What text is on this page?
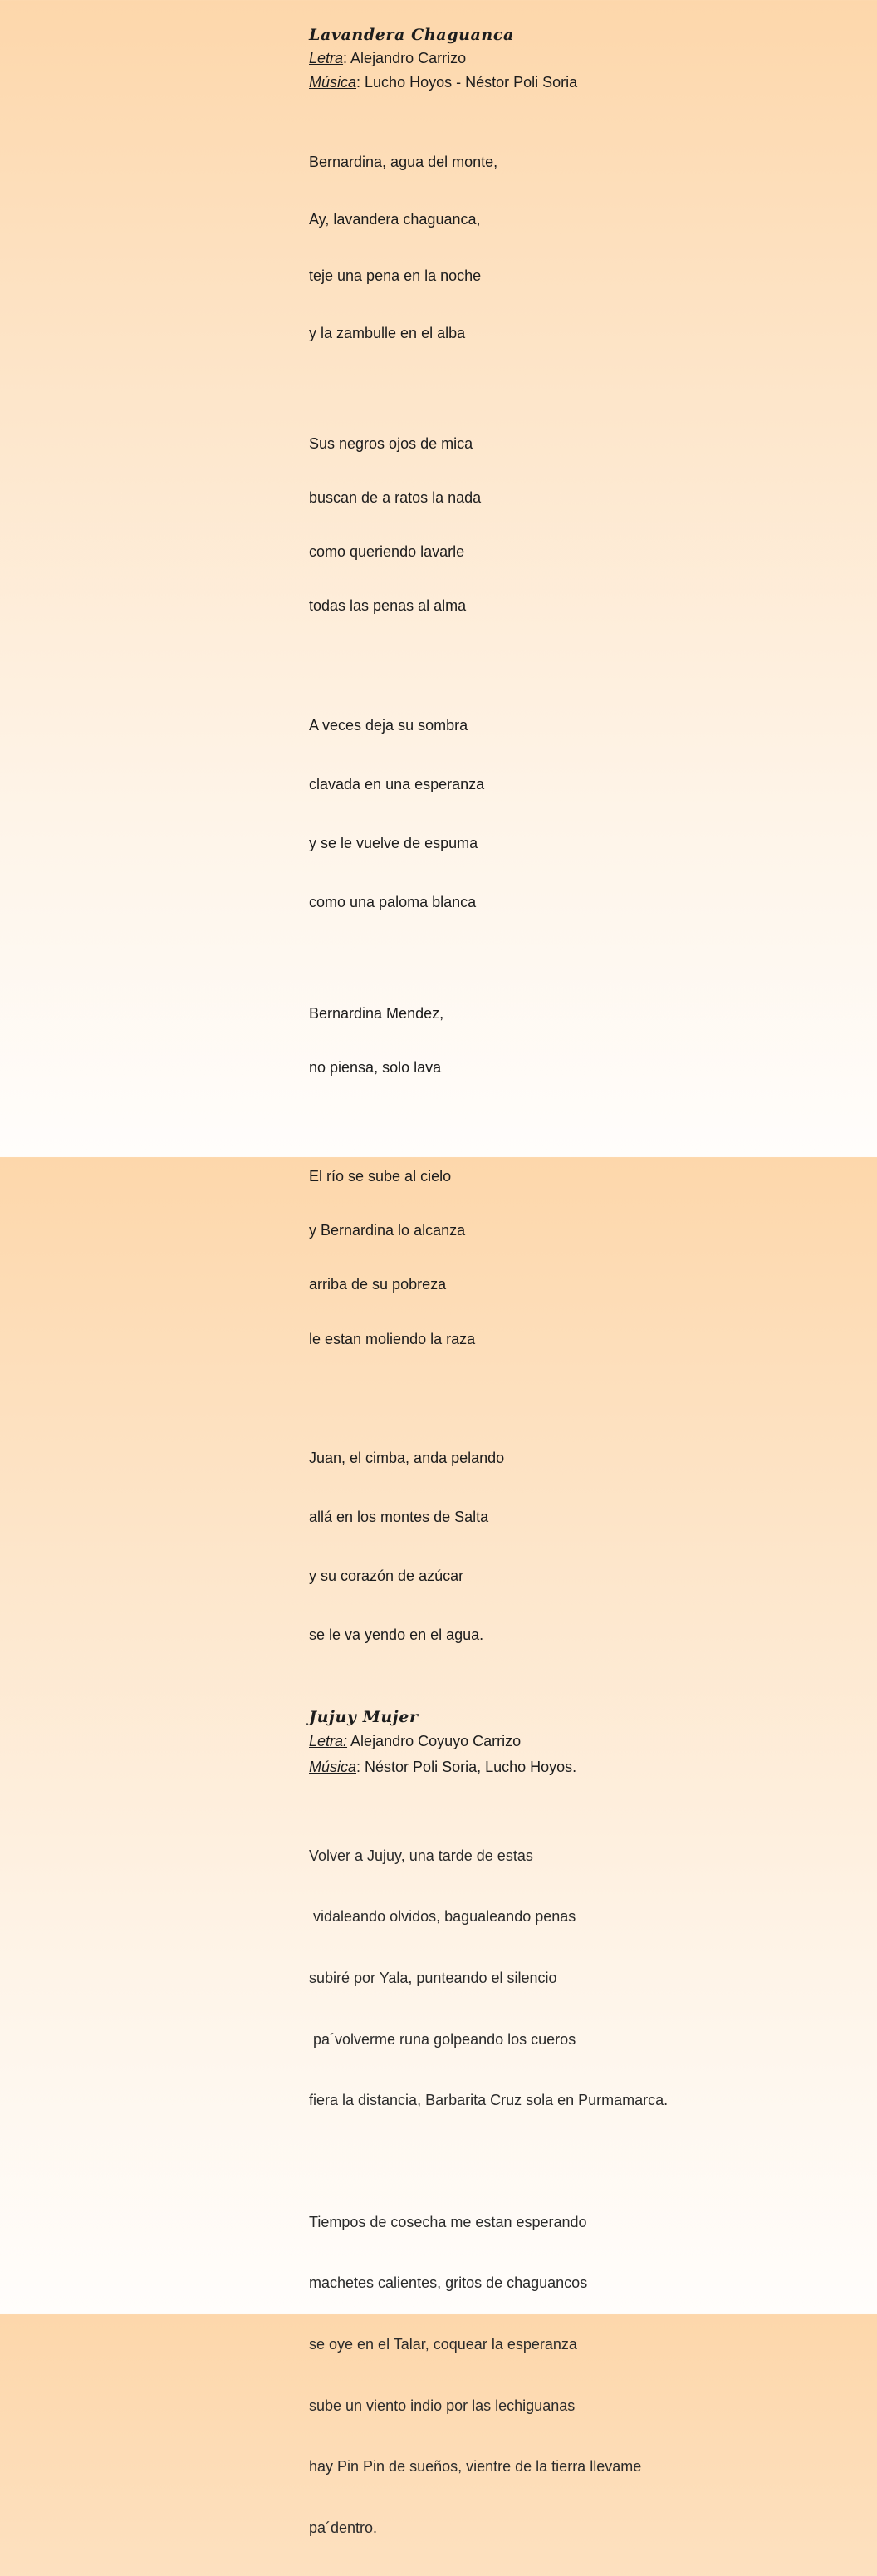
Lavandera Chaguanca
Letra: Alejandro Carrizo
Música: Lucho Hoyos - Néstor Poli Soria

Bernardina, agua del monte,

Ay, lavandera chaguanca,

teje una pena en la noche

y la zambulle en el alba

Sus negros ojos de mica

buscan de a ratos la nada

como queriendo lavarle

todas las penas al alma

A veces deja su sombra

clavada en una esperanza

y se le vuelve de espuma

como una paloma blanca

Bernardina Mendez,

no piensa, solo lava

El río se sube al cielo

y Bernardina lo alcanza

arriba de su pobreza

le estan moliendo la raza

Juan, el cimba, anda pelando

allá en los montes de Salta

y su corazón de azúcar

se le va yendo en el agua.

Jujuy Mujer
Letra: Alejandro Coyuyo Carrizo
Música: Néstor Poli Soria, Lucho Hoyos.

Volver a Jujuy, una tarde de estas

vidaleando olvidos, bagualeando penas

subiré por Yala, punteando el silencio

pa´volverme runa golpeando los cueros

fiera la distancia, Barbarita Cruz sola en Purmamarca.

Tiempos de cosecha me estan esperando

machetes calientes, gritos de chaguancos

se oye en el Talar, coquear la esperanza

sube un viento indio por las lechiguanas

hay Pin Pin de sueños, vientre de la tierra llevame

pa´dentro.
